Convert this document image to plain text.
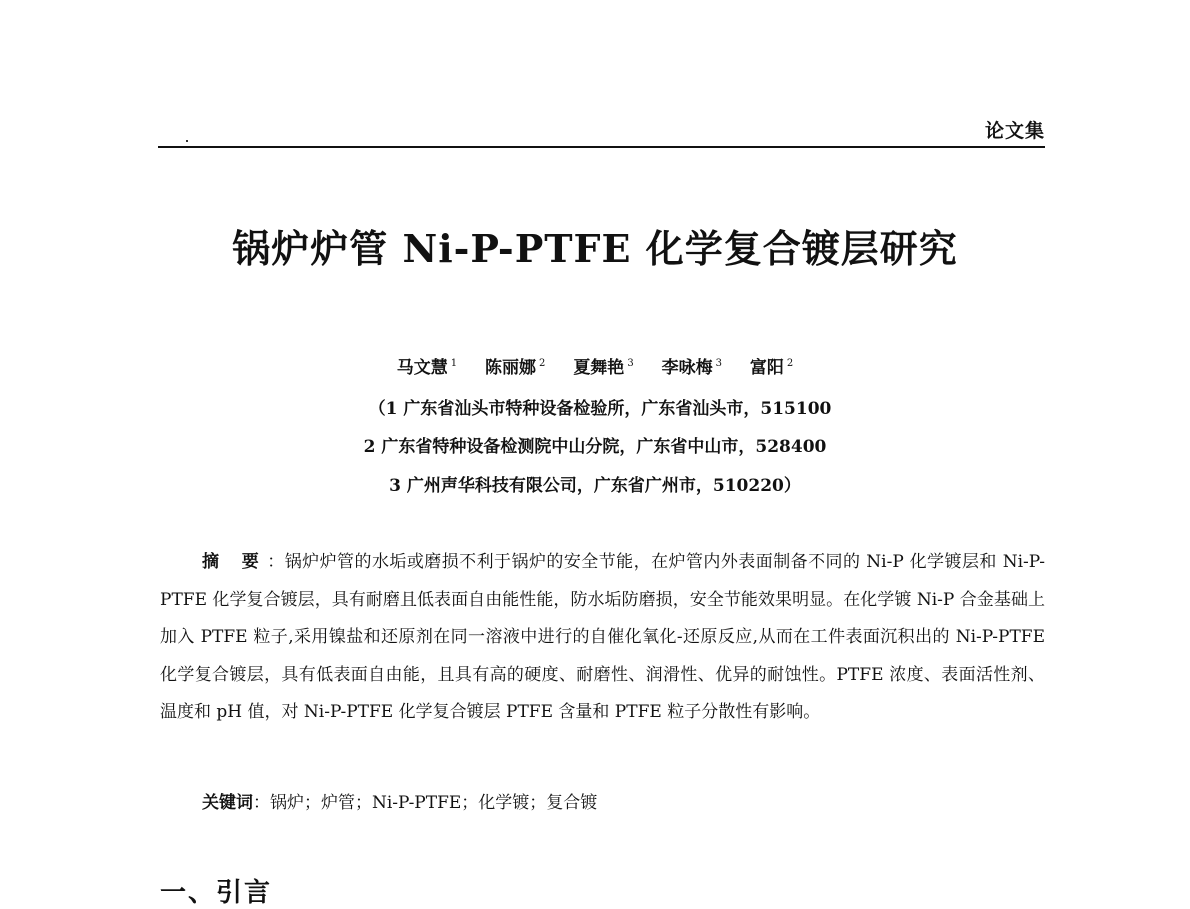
论文集
锅炉炉管 Ni-P-PTFE 化学复合镀层研究
马文慧 $^1$ 陈丽娜 $^2$ 夏舞艳 $^3$ 李咏梅 $^3$ 富阳 $^2$
（1 广东省汕头市特种设备检验所，广东省汕头市，515100
2 广东省特种设备检测院中山分院，广东省中山市，528400
3 广州声华科技有限公司，广东省广州市，510220）

摘 要：锅炉炉管的水垢或磨损不利于锅炉的安全节能，在炉管内外表面制备不同的 Ni-P 化学镀层和 Ni-P-PTFE 化学复合镀层，具有耐磨且低表面自由能性能，防水垢防磨损，安全节能效果明显。在化学镀 Ni-P 合金基础上加入 PTFE 粒子,采用镍盐和还原剂在同一溶液中进行的自催化氧化-还原反应,从而在工件表面沉积出的 Ni-P-PTFE 化学复合镀层，具有低表面自由能，且具有高的硬度、耐磨性、润滑性、优异的耐蚀性。PTFE 浓度、表面活性剂、温度和 pH 值，对 Ni-P-PTFE 化学复合镀层 PTFE 含量和 PTFE 粒子分散性有影响。

关键词：锅炉；炉管；Ni-P-PTFE；化学镀；复合镀
一、引言
